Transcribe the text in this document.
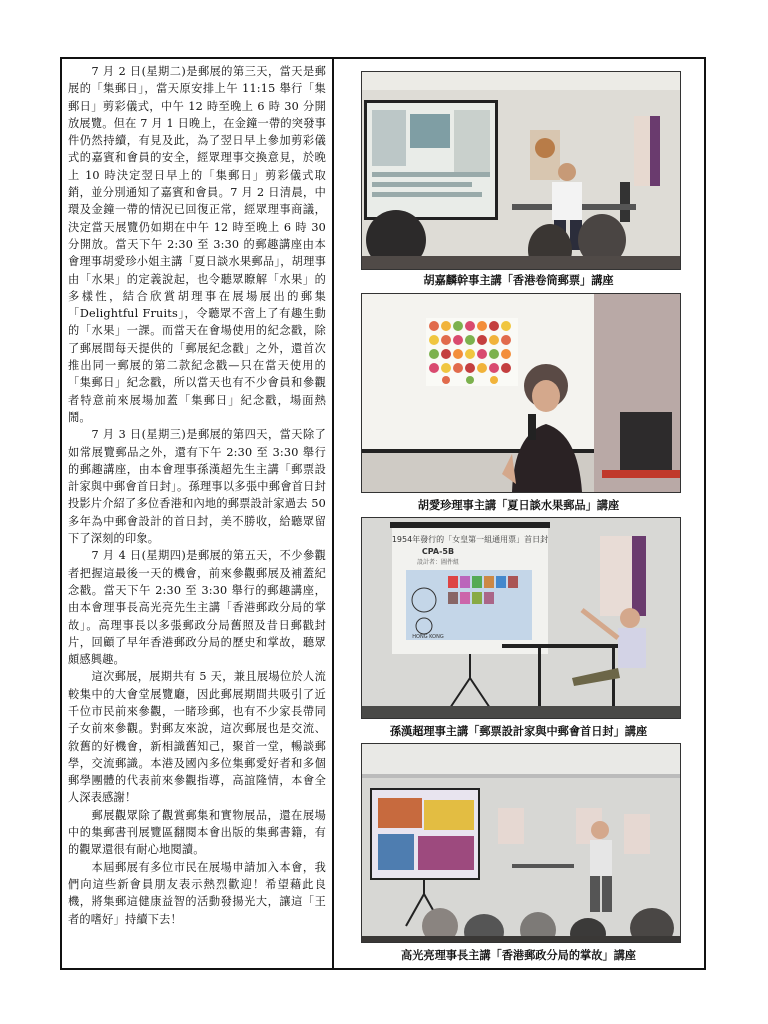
7 月 2 日(星期二)是郵展的第三天，當天是郵展的「集郵日」，當天原安排上午 11:15 舉行「集郵日」剪彩儀式，中午 12 時至晚上 6 時 30 分開放展覽。但在 7 月 1 日晚上，在金鐘一帶的突發事件仍然持續，有見及此，為了翌日早上參加剪彩儀式的嘉賓和會員的安全，經眾理事交換意見，於晚上 10 時決定翌日早上的「集郵日」剪彩儀式取銷，並分別通知了嘉賓和會員。7 月 2 日清晨，中環及金鐘一帶的情況已回復正常，經眾理事商議，決定當天展覽仍如期在中午 12 時至晚上 6 時 30 分開放。當天下午 2:30 至 3:30 的郵趣講座由本會理事胡愛珍小姐主講「夏日談水果郵品」，胡理事由「水果」的定義說起，也令聽眾瞭解「水果」的多樣性，結合欣賞胡理事在展場展出的郵集「Delightful Fruits」，令聽眾不啻上了有趣生動的「水果」一課。而當天在會場使用的紀念戳，除了郵展間每天提供的「郵展紀念戳」之外，還首次推出同一郵展的第二款紀念戳—只在當天使用的「集郵日」紀念戳，所以當天也有不少會員和參觀者特意前來展場加蓋「集郵日」紀念戳，場面熱鬧。

7 月 3 日(星期三)是郵展的第四天，當天除了如常展覽郵品之外，還有下午 2:30 至 3:30 舉行的郵趣講座，由本會理事孫漢超先生主講「郵票設計家與中郵會首日封」。孫理事以多張中郵會首日封投影片介紹了多位香港和內地的郵票設計家過去 50 多年為中郵會設計的首日封，美不勝收，給聽眾留下了深刻的印象。

7 月 4 日(星期四)是郵展的第五天，不少參觀者把握這最後一天的機會，前來參觀郵展及補蓋紀念戳。當天下午 2:30 至 3:30 舉行的郵趣講座，由本會理事長高光亮先生主講「香港郵政分局的掌故」。高理事長以多張郵政分局舊照及昔日郵戳封片，回顧了早年香港郵政分局的歷史和掌故，聽眾頗感興趣。

這次郵展，展期共有 5 天，兼且展場位於人流較集中的大會堂展覽廳，因此郵展期間共吸引了近千位市民前來參觀，一睹珍郵，也有不少家長帶同子女前來參觀。對郵友來說，這次郵展也是交流、敘舊的好機會，新相識舊知己，聚首一堂，暢談郵學，交流郵識。本港及國內多位集郵愛好者和多個郵學團體的代表前來參觀指導，高誼隆情，本會全人深表感謝！

郵展觀眾除了觀賞郵集和實物展品，還在展場中的集郵書刊展覽區翻閱本會出版的集郵書籍，有的觀眾還很有耐心地閱讀。

本屆郵展有多位市民在展場申請加入本會，我們向這些新會員朋友表示熱烈歡迎！希望藉此良機，將集郵這健康益智的活動發揚光大，讓這「王者的嗜好」持續下去！

胡嘉麟幹事主講「香港卷筒郵票」講座
胡愛珍理事主講「夏日談水果郵品」講座
1954年發行的「女皇第一組通用票」首日封
CPA-5B
設計者：圖件組
HONG KONG
孫漢超理事主講「郵票設計家與中郵會首日封」講座
高光亮理事長主講「香港郵政分局的掌故」講座
